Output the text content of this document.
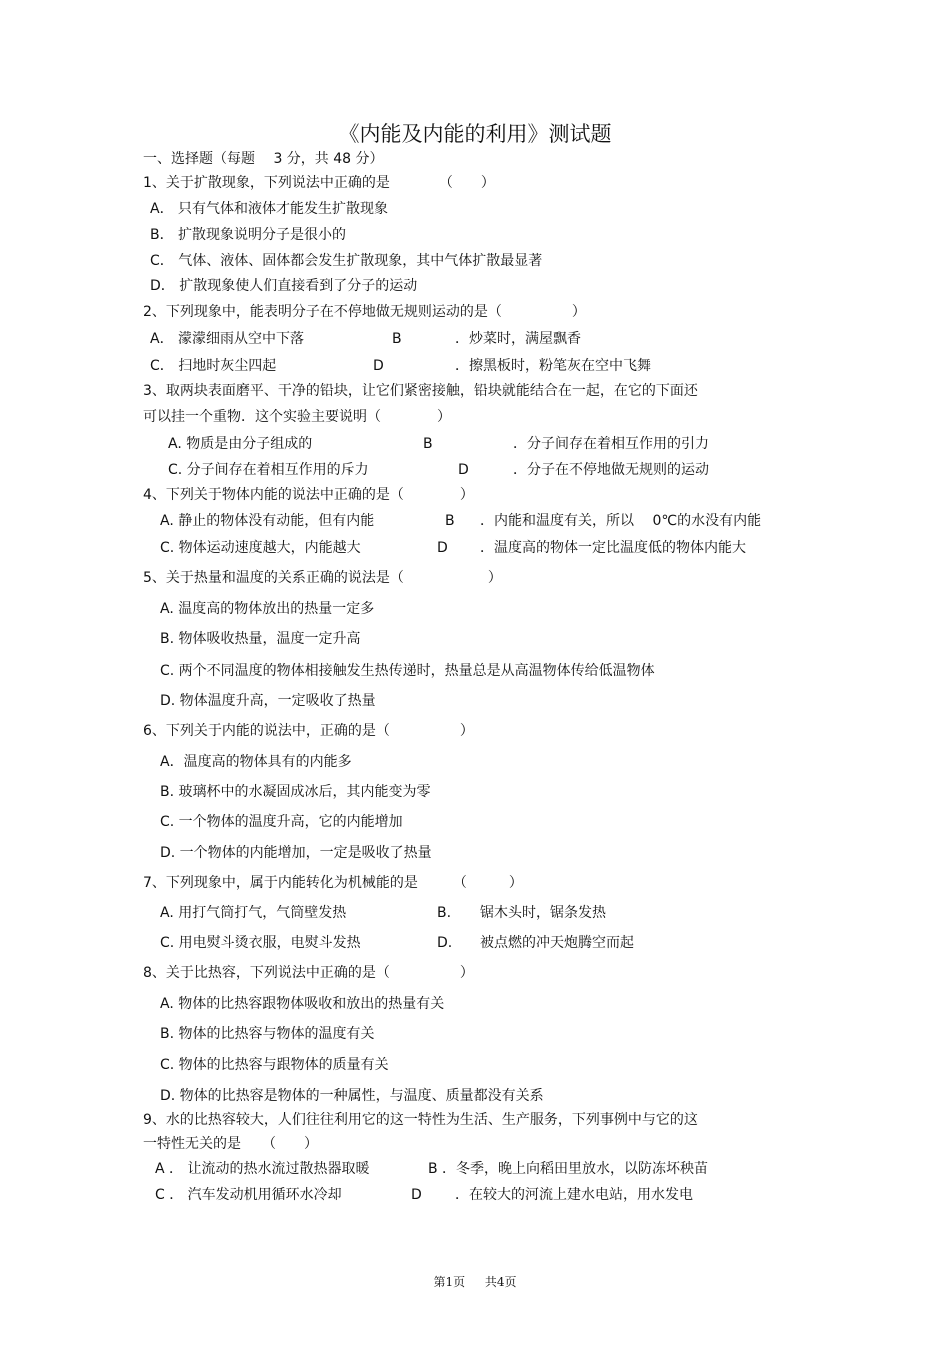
《内能及内能的利用》测试题
一、选择题（每题　 3 分，共 48 分）
1、关于扩散现象，下列说法中正确的是　　　　（　　）
A． 只有气体和液体才能发生扩散现象
B． 扩散现象说明分子是很小的
C． 气体、液体、固体都会发生扩散现象，其中气体扩散最显著
D． 扩散现象使人们直接看到了分子的运动
2、下列现象中，能表明分子在不停地做无规则运动的是（　　　　　）
A． 濛濛细雨从空中下落	B	．炒菜时，满屋飘香
C． 扫地时灰尘四起	D	．擦黑板时，粉笔灰在空中飞舞
3、取两块表面磨平、干净的铅块，让它们紧密接触，铅块就能结合在一起，在它的下面还
可以挂一个重物．这个实验主要说明（　　　　）
A. 物质是由分子组成的	B	．分子间存在着相互作用的引力
C. 分子间存在着相互作用的斥力	D	．分子在不停地做无规则的运动
4、下列关于物体内能的说法中正确的是（　　　　）
A. 静止的物体没有动能，但有内能	B ．内能和温度有关，所以　 0℃的水没有内能
C. 物体运动速度越大，内能越大	D ．温度高的物体一定比温度低的物体内能大
5、关于热量和温度的关系正确的说法是（　　　　　　）
A. 温度高的物体放出的热量一定多
B. 物体吸收热量，温度一定升高
C. 两个不同温度的物体相接触发生热传递时，热量总是从高温物体传给低温物体
D. 物体温度升高，一定吸收了热量
6、下列关于内能的说法中，正确的是（　　　　　）
A．温度高的物体具有的内能多
B. 玻璃杯中的水凝固成冰后，其内能变为零
C. 一个物体的温度升高，它的内能增加
D. 一个物体的内能增加，一定是吸收了热量
7、下列现象中，属于内能转化为机械能的是　　　（　　　）
A. 用打气筒打气，气筒壁发热	B. 锯木头时，锯条发热
C. 用电熨斗烫衣服，电熨斗发热	D. 被点燃的冲天炮腾空而起
8、关于比热容，下列说法中正确的是（　　　　　）
A. 物体的比热容跟物体吸收和放出的热量有关
B. 物体的比热容与物体的温度有关
C. 物体的比热容与跟物体的质量有关
D. 物体的比热容是物体的一种属性，与温度、质量都没有关系
9、水的比热容较大，人们往往利用它的这一特性为生活、生产服务，下列事例中与它的这
一特性无关的是　　（　　）
A ． 让流动的热水流过散热器取暖	B ．冬季，晚上向稻田里放水，以防冻坏秧苗
C ． 汽车发动机用循环水冷却	D ．在较大的河流上建水电站，用水发电
第1页 共4页
